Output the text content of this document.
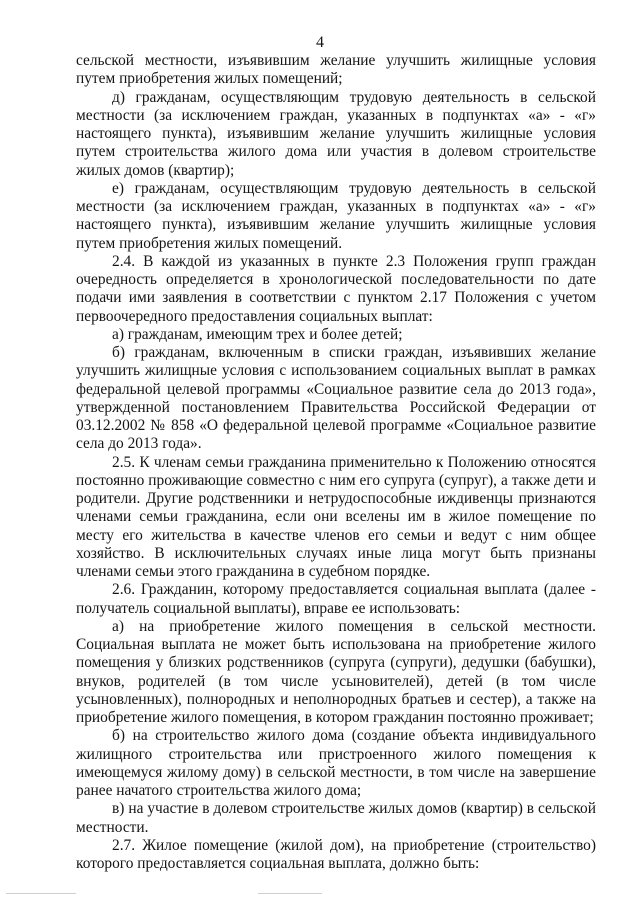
4

сельской местности, изъявившим желание улучшить жилищные условия путем приобретения жилых помещений;

д) гражданам, осуществляющим трудовую деятельность в сельской местности (за исключением граждан, указанных в подпунктах «а» - «г» настоящего пункта), изъявившим желание улучшить жилищные условия путем строительства жилого дома или участия в долевом строительстве жилых домов (квартир);

е) гражданам, осуществляющим трудовую деятельность в сельской местности (за исключением граждан, указанных в подпунктах «а» - «г» настоящего пункта), изъявившим желание улучшить жилищные условия путем приобретения жилых помещений.

2.4. В каждой из указанных в пункте 2.3 Положения групп граждан очередность определяется в хронологической последовательности по дате подачи ими заявления в соответствии с пунктом 2.17 Положения с учетом первоочередного предоставления социальных выплат:

а) гражданам, имеющим трех и более детей;

б) гражданам, включенным в списки граждан, изъявивших желание улучшить жилищные условия с использованием социальных выплат в рамках федеральной целевой программы «Социальное развитие села до 2013 года», утвержденной постановлением Правительства Российской Федерации от 03.12.2002 № 858 «О федеральной целевой программе «Социальное развитие села до 2013 года».

2.5. К членам семьи гражданина применительно к Положению относятся постоянно проживающие совместно с ним его супруга (супруг), а также дети и родители. Другие родственники и нетрудоспособные иждивенцы признаются членами семьи гражданина, если они вселены им в жилое помещение по месту его жительства в качестве членов его семьи и ведут с ним общее хозяйство. В исключительных случаях иные лица могут быть признаны членами семьи этого гражданина в судебном порядке.

2.6. Гражданин, которому предоставляется социальная выплата (далее - получатель социальной выплаты), вправе ее использовать:

а) на приобретение жилого помещения в сельской местности. Социальная выплата не может быть использована на приобретение жилого помещения у близких родственников (супруга (супруги), дедушки (бабушки), внуков, родителей (в том числе усыновителей), детей (в том числе усыновленных), полнородных и неполнородных братьев и сестер), а также на приобретение жилого помещения, в котором гражданин постоянно проживает;

б) на строительство жилого дома (создание объекта индивидуального жилищного строительства или пристроенного жилого помещения к имеющемуся жилому дому) в сельской местности, в том числе на завершение ранее начатого строительства жилого дома;

в) на участие в долевом строительстве жилых домов (квартир) в сельской местности.

2.7. Жилое помещение (жилой дом), на приобретение (строительство) которого предоставляется социальная выплата, должно быть:
